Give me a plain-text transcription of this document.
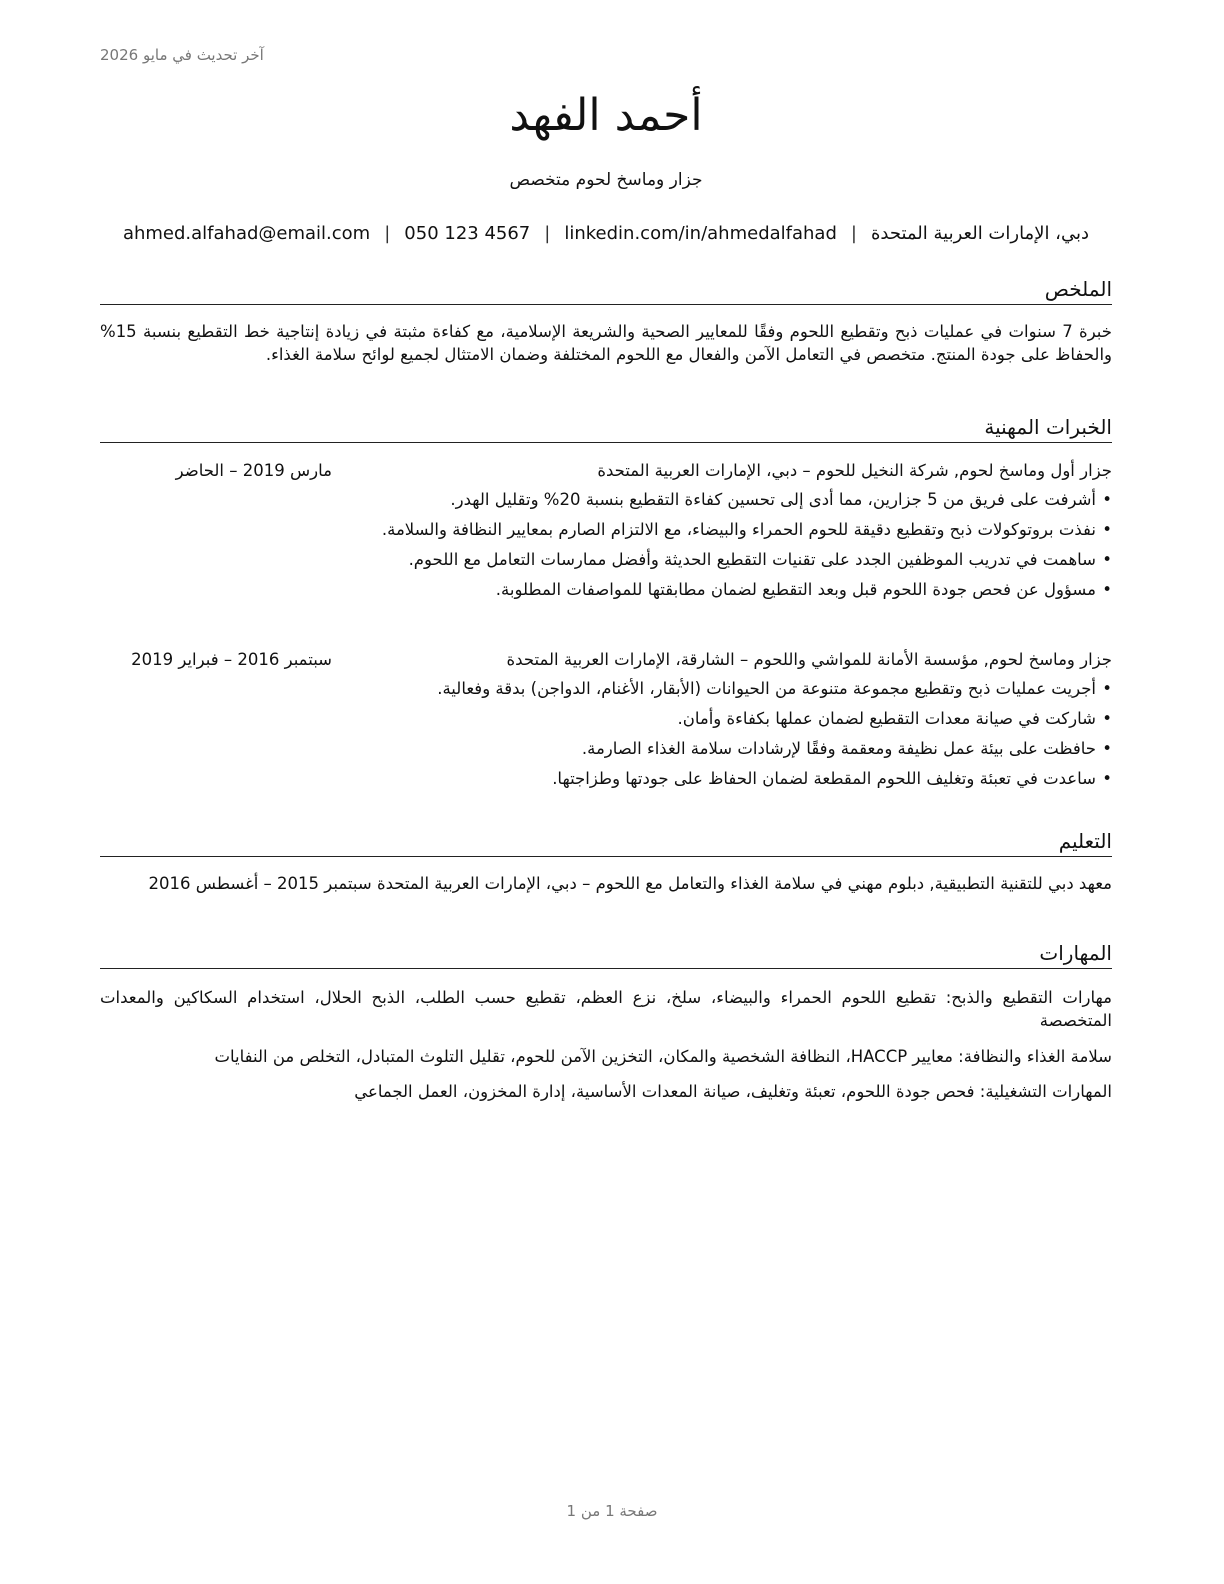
آخر تحديث في مايو 2026
أحمد الفهد

جزار وماسخ لحوم متخصص

دبي، الإمارات العربية المتحدة|ahmed.alfahad@email.com | 050 123 4567 | linkedin.com/in/ahmedalfahad
الملخص

خبرة 7 سنوات في عمليات ذبح وتقطيع اللحوم وفقًا للمعايير الصحية والشريعة الإسلامية، مع كفاءة مثبتة في زيادة إنتاجية خط التقطيع بنسبة 15% والحفاظ على جودة المنتج. متخصص في التعامل الآمن والفعال مع اللحوم المختلفة وضمان الامتثال لجميع لوائح سلامة الغذاء.

الخبرات المهنية
جزار أول وماسخ لحوم, شركة النخيل للحوم – دبي، الإمارات العربية المتحدة
مارس 2019 – الحاضر
• أشرفت على فريق من 5 جزارين، مما أدى إلى تحسين كفاءة التقطيع بنسبة 20% وتقليل الهدر.
• نفذت بروتوكولات ذبح وتقطيع دقيقة للحوم الحمراء والبيضاء، مع الالتزام الصارم بمعايير النظافة والسلامة.
• ساهمت في تدريب الموظفين الجدد على تقنيات التقطيع الحديثة وأفضل ممارسات التعامل مع اللحوم.
• مسؤول عن فحص جودة اللحوم قبل وبعد التقطيع لضمان مطابقتها للمواصفات المطلوبة.
جزار وماسخ لحوم, مؤسسة الأمانة للمواشي واللحوم – الشارقة، الإمارات العربية المتحدة
سبتمبر 2016 – فبراير 2019
• أجريت عمليات ذبح وتقطيع مجموعة متنوعة من الحيوانات (الأبقار، الأغنام، الدواجن) بدقة وفعالية.
• شاركت في صيانة معدات التقطيع لضمان عملها بكفاءة وأمان.
• حافظت على بيئة عمل نظيفة ومعقمة وفقًا لإرشادات سلامة الغذاء الصارمة.
• ساعدت في تعبئة وتغليف اللحوم المقطعة لضمان الحفاظ على جودتها وطزاجتها.
التعليم
معهد دبي للتقنية التطبيقية, دبلوم مهني في سلامة الغذاء والتعامل مع اللحوم – دبي، الإمارات العربية المتحدة سبتمبر 2015 – أغسطس 2016
المهارات
مهارات التقطيع والذبح: تقطيع اللحوم الحمراء والبيضاء، سلخ، نزع العظم، تقطيع حسب الطلب، الذبح الحلال، استخدام السكاكين والمعدات المتخصصة
سلامة الغذاء والنظافة: معايير HACCP، النظافة الشخصية والمكان، التخزين الآمن للحوم، تقليل التلوث المتبادل، التخلص من النفايات
المهارات التشغيلية: فحص جودة اللحوم، تعبئة وتغليف، صيانة المعدات الأساسية، إدارة المخزون، العمل الجماعي
صفحة 1 من 1
